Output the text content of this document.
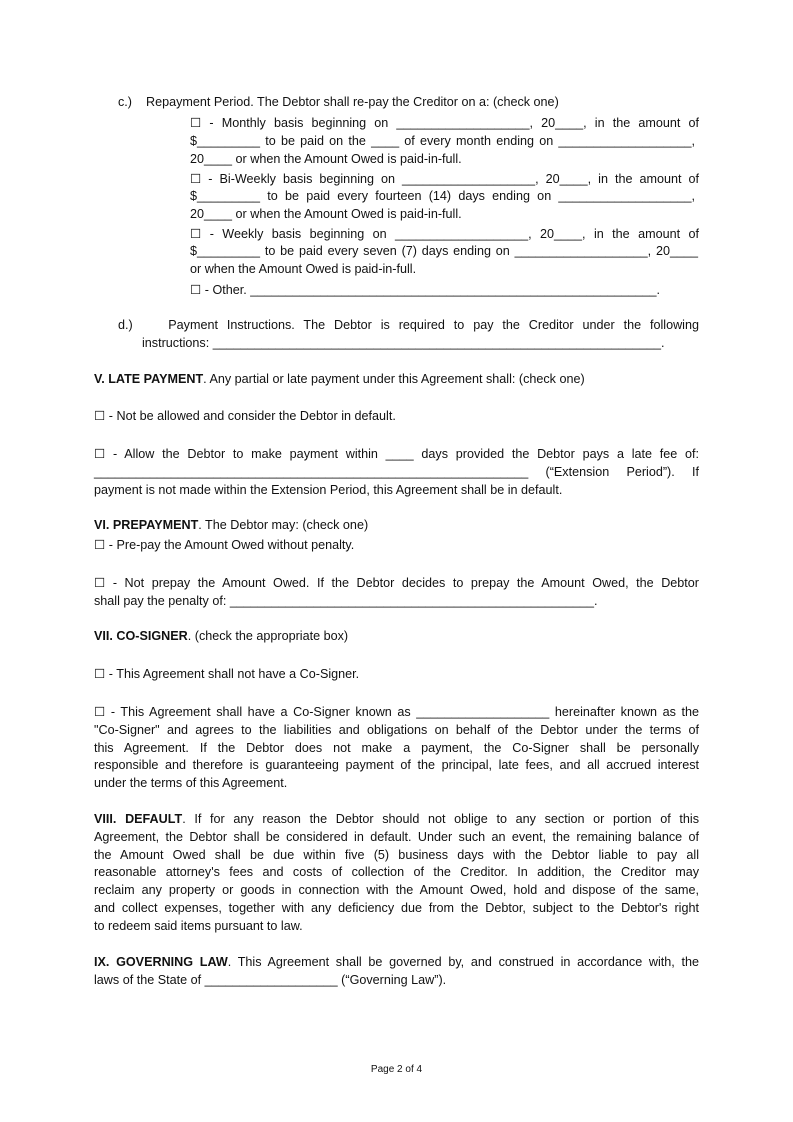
c.)    Repayment Period. The Debtor shall re-pay the Creditor on a: (check one)
☐ - Monthly basis beginning on ___________________, 20____, in the amount of
$_________ to be paid on the ____ of every month ending on ___________________,
20____ or when the Amount Owed is paid-in-full.
☐ - Bi-Weekly basis beginning on ___________________, 20____, in the amount of
$_________ to be paid every fourteen (14) days ending on ___________________,
20____ or when the Amount Owed is paid-in-full.
☐ - Weekly basis beginning on ___________________, 20____, in the amount of
$_________ to be paid every seven (7) days ending on ___________________, 20____
or when the Amount Owed is paid-in-full.
☐ - Other. __________________________________________________________.
d.)    Payment Instructions. The Debtor is required to pay the Creditor under the following
instructions: ________________________________________________________________.
V. LATE PAYMENT. Any partial or late payment under this Agreement shall: (check one)
☐ - Not be allowed and consider the Debtor in default.
☐ - Allow the Debtor to make payment within ____ days provided the Debtor pays a late fee of:
______________________________________________________________ (“Extension Period”). If
payment is not made within the Extension Period, this Agreement shall be in default.
VI. PREPAYMENT. The Debtor may: (check one)
☐ - Pre-pay the Amount Owed without penalty.
☐ - Not prepay the Amount Owed. If the Debtor decides to prepay the Amount Owed, the Debtor
shall pay the penalty of: ____________________________________________________.
VII. CO-SIGNER. (check the appropriate box)
☐ - This Agreement shall not have a Co-Signer.
☐ - This Agreement shall have a Co-Signer known as ___________________ hereinafter known as the
"Co-Signer" and agrees to the liabilities and obligations on behalf of the Debtor under the terms of
this Agreement. If the Debtor does not make a payment, the Co-Signer shall be personally
responsible and therefore is guaranteeing payment of the principal, late fees, and all accrued interest
under the terms of this Agreement.
VIII. DEFAULT. If for any reason the Debtor should not oblige to any section or portion of this
Agreement, the Debtor shall be considered in default. Under such an event, the remaining balance of
the Amount Owed shall be due within five (5) business days with the Debtor liable to pay all
reasonable attorney's fees and costs of collection of the Creditor. In addition, the Creditor may
reclaim any property or goods in connection with the Amount Owed, hold and dispose of the same,
and collect expenses, together with any deficiency due from the Debtor, subject to the Debtor's right
to redeem said items pursuant to law.
IX. GOVERNING LAW. This Agreement shall be governed by, and construed in accordance with, the
laws of the State of ___________________ (“Governing Law”).
Page 2 of 4
